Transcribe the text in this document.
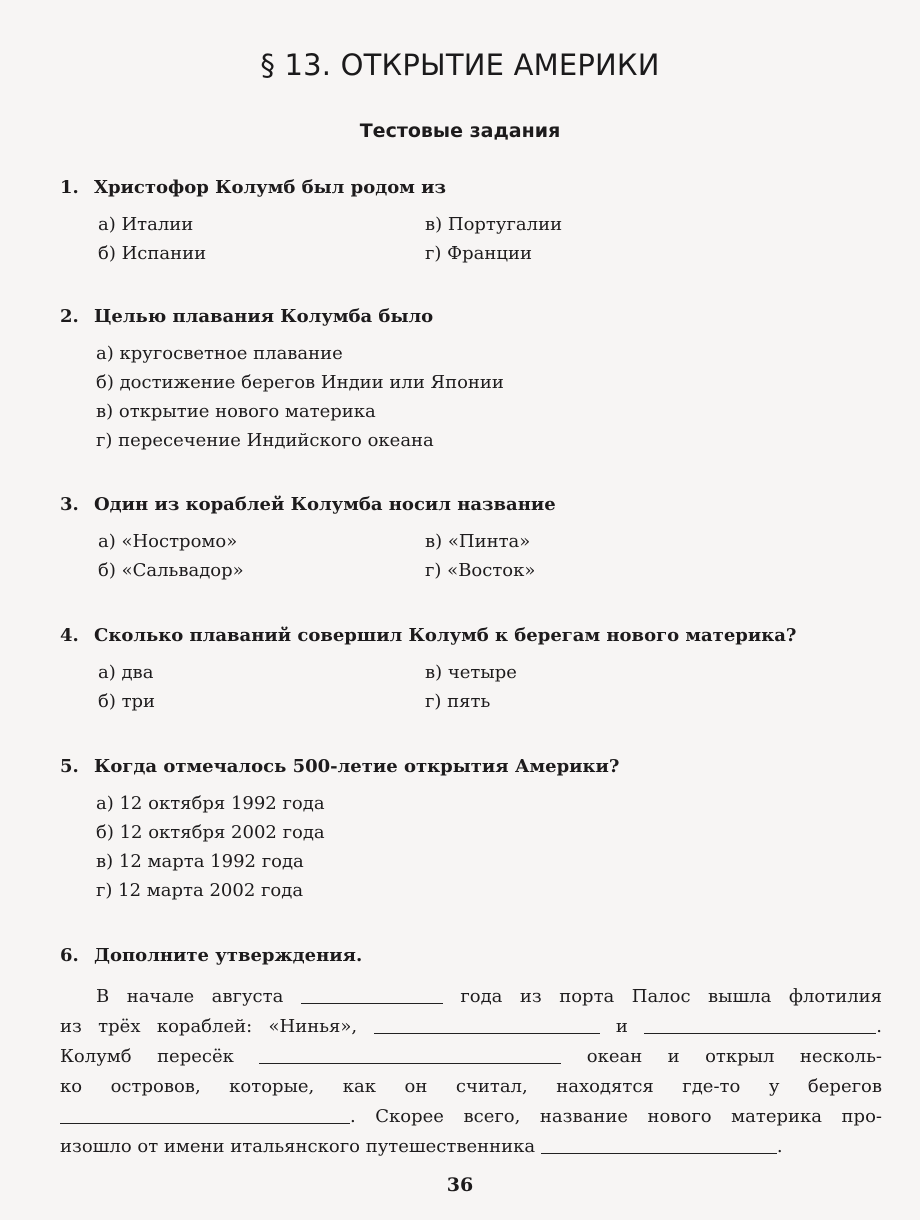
§ 13. ОТКРЫТИЕ АМЕРИКИ
Тестовые задания
1. Христофор Колумб был родом из
а) Италии	в) Португалии
б) Испании	г) Франции
2. Целью плавания Колумба было
а) кругосветное плавание
б) достижение берегов Индии или Японии
в) открытие нового материка
г) пересечение Индийского океана
3. Один из кораблей Колумба носил название
а) «Ностромо»	в) «Пинта»
б) «Сальвадор»	г) «Восток»
4. Сколько плаваний совершил Колумб к берегам нового материка?
а) два	в) четыре
б) три	г) пять
5. Когда отмечалось 500-летие открытия Америки?
а) 12 октября 1992 года
б) 12 октября 2002 года
в) 12 марта 1992 года
г) 12 марта 2002 года
6. Дополните утверждения.
В начале августа	года из порта Палос вышла флотилия
из трёх кораблей: «Нинья»,	и	.
Колумб пересёк	океан и открыл несколь-
ко островов, которые, как он считал, находятся где-то у берегов
. Скорее всего, название нового материка про-
изошло от имени итальянского путешественника	.
36
